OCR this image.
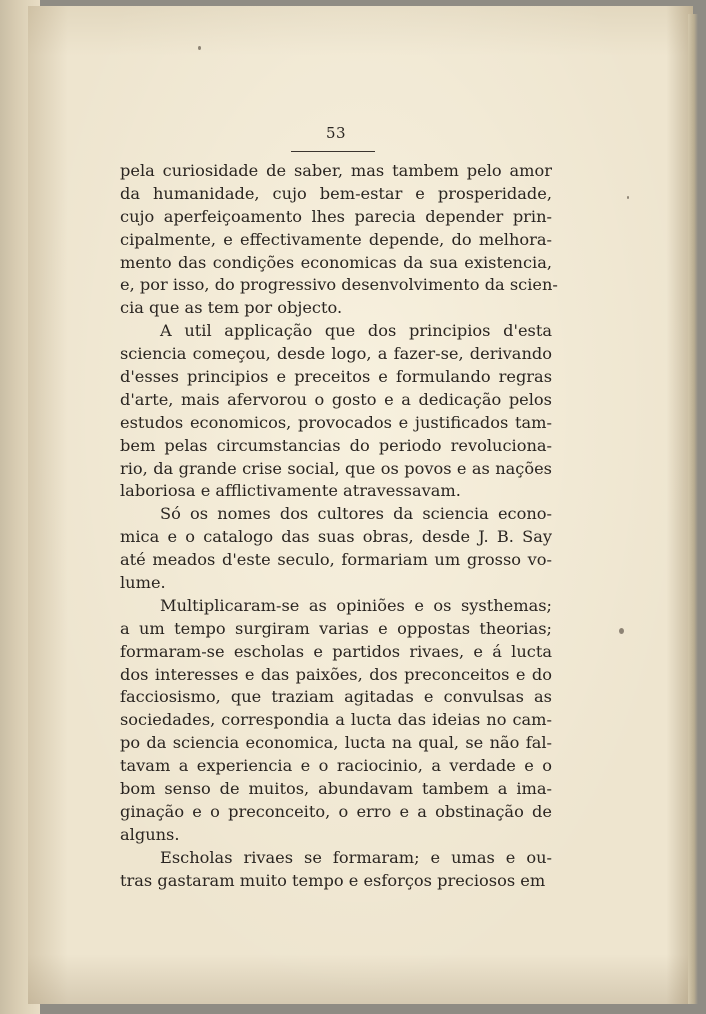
53
pela curiosidade de saber, mas tambem pelo amor
da humanidade, cujo bem-estar e prosperidade,
cujo aperfeiçoamento lhes parecia depender prin-
cipalmente, e effectivamente depende, do melhora-
mento das condições economicas da sua existencia,
e, por isso, do progressivo desenvolvimento da scien-
cia que as tem por objecto.
A util applicação que dos principios d'esta
sciencia começou, desde logo, a fazer-se, derivando
d'esses principios e preceitos e formulando regras
d'arte, mais afervorou o gosto e a dedicação pelos
estudos economicos, provocados e justificados tam-
bem pelas circumstancias do periodo revoluciona-
rio, da grande crise social, que os povos e as nações
laboriosa e afflictivamente atravessavam.
Só os nomes dos cultores da sciencia econo-
mica e o catalogo das suas obras, desde J. B. Say
até meados d'este seculo, formariam um grosso vo-
lume.
Multiplicaram-se as opiniões e os systhemas;
a um tempo surgiram varias e oppostas theorias;
formaram-se escholas e partidos rivaes, e á lucta
dos interesses e das paixões, dos preconceitos e do
facciosismo, que traziam agitadas e convulsas as
sociedades, correspondia a lucta das ideias no cam-
po da sciencia economica, lucta na qual, se não fal-
tavam a experiencia e o raciocinio, a verdade e o
bom senso de muitos, abundavam tambem a ima-
ginação e o preconceito, o erro e a obstinação de
alguns.
Escholas rivaes se formaram; e umas e ou-
tras gastaram muito tempo e esforços preciosos em
